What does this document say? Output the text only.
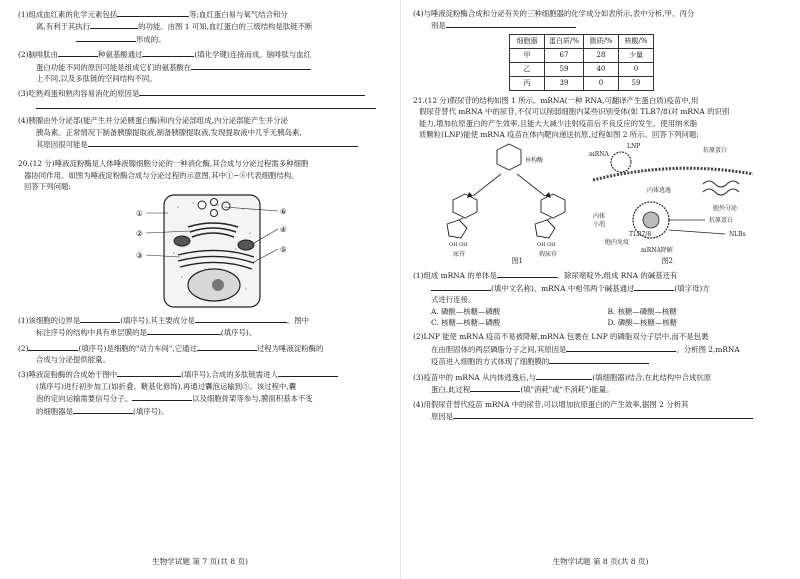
(1)组成血红素的化学元素包括	等;血红蛋白易与氧气结合和分
离,有利于其执行	的功能。由图 1 可知,血红蛋白的三级结构是肽链不断
形成的。
(2)脑啡肽由	种氨基酸通过	(填化学键)连接而成。脑啡肽与血红
蛋白功能不同的原因可能是组成它们的氨基酸在
上不同,以及多肽链的空间结构不同。
(3)吃熟鸡蛋和熟肉容易消化的原因是
(4)胰腺由外分泌部(能产生并分泌胰蛋白酶)和内分泌部组成,内分泌部能产生并分泌
胰岛素。正常情况下制备胰腺提取液,制备胰腺提取液,发现提取液中几乎无胰岛素,
其原因很可能是
20.(12 分)唾液淀粉酶是人体唾液腺细胞分泌的一种消化酶,其合成与分泌过程需多种细胞
器协同作用。如图为唾液淀粉酶合成与分泌过程的示意图,其中①~⑥代表细胞结构。
回答下列问题:
①
②
③
⑥
④
⑤
(1)该细胞的边界是	(填序号),其主要成分是	。图中
标注序号的结构中具有单层膜的是	(填序号)。
(2)	(填序号)是细胞的"动力车间",它通过	过程为唾液淀粉酶的
合成与分泌提供能量。
(3)唾液淀粉酶的合成始于图中	(填序号),合成的多肽链需进人
(填序号)进行初步加工(如折叠、糖基化修饰),再通过囊泡运输到⑤。该过程中,囊
泡的定向运输需要信号分子、	以及细胞骨架等参与,膜面积基本不变
的细胞器是	(填序号)。
生物学试题 第 7 页(共 8 页)
(4)与唾液淀粉酶合成和分泌有关的三种细胞器的化学成分如表所示,表中分析,甲、丙分
别是
细胞器	蛋白质/%	脂质/%	核酸/%
甲	67	28	少量
乙	59	40	0
丙	39	0	59
21.(12 分)假尿苷的结构如图 1 所示。mRNA(一种 RNA,可翻译产生蛋白质)疫苗中,用
假尿苷替代 mRNA 中的尿苷,不仅可以削弱细胞内某些识别受体(如 TLR7/8)对 mRNA 的识别
能力,增加抗原蛋白的产生效率,且能大大减少注射疫苗后不良反应的发生。使用纳米脂
质颗粒(LNP)能使 mRNA 疫苗在体内靶向递送抗原,过程如图 2 所示。回答下列问题:
异构酶
OH OH
尿苷
OH OH
假尿苷
mRNA
LNP
抗原蛋白
胞外分泌
内体逃逸
内体
小泡
TLR7/8
抗原蛋白
NLBs
胞内免疫
mRNA降解
图1	图2
(1)组成 mRNA 的单体是	。除尿嘧啶外,组成 RNA 的碱基还有
(填中文名称)。mRNA 中相邻两个碱基通过	(填字母)方
式进行连接。
A. 磷酸—核糖—磷酸	B. 核糖—磷酸—核糖
C. 核糖—核糖—磷酸	D. 磷酸—核糖—核糖
(2)LNP 能使 mRNA 疫苗不易被降解,mRNA 包裹在 LNP 的磷脂双分子层中,而不是包裹
在由胆固体的两层磷脂分子之间,其原因是	。分析图 2,mRNA
疫苗进入细胞的方式体现了细胞膜的
(3)疫苗中的 mRNA 从内体逃逸后,与	(填细胞器)结合,在此结构中合成抗原
蛋白,此过程	(填"消耗"或"不消耗")能量。
(4)用假尿苷替代疫苗 mRNA 中的尿苷,可以增加抗原蛋白的产生效率,据图 2 分析其
原因是
生物学试题 第 8 页(共 8 页)
